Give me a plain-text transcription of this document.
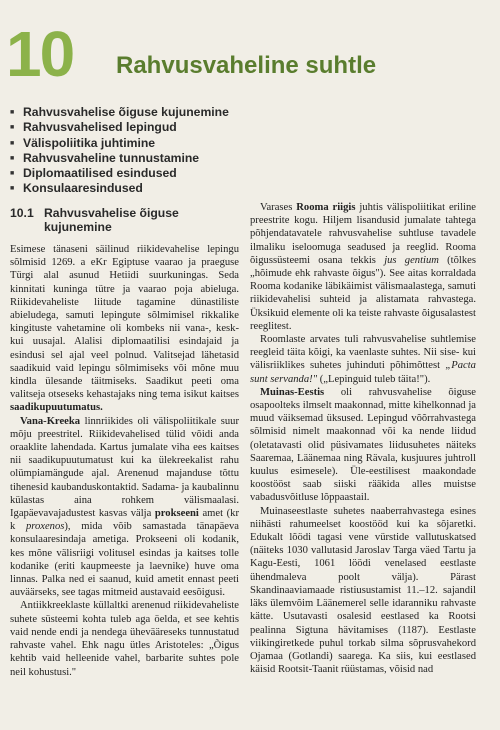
10 Rahvusvaheline suhtle
■ Rahvusvahelise õiguse kujunemine
■ Rahvusvahelised lepingud
■ Välispoliitika juhtimine
■ Rahvusvaheline tunnustamine
■ Diplomaatilised esindused
■ Konsulaaresindused
10.1 Rahvusvahelise õiguse kujunemine

Esimese tänaseni säilinud riikidevahelise lepingu sõlmisid 1269. a eKr Egiptuse vaarao ja praeguse Türgi alal asunud Hetiidi suurkuningas. Seda kinnitati kuninga tütre ja vaarao poja abieluga. Riikidevaheliste liitude tagamine dünastiliste abieludega, samuti lepingute sõlmimisel rikkalike kingituste vahetamine oli kombeks nii vana-, kesk- kui uusajal. Alalisi diplomaatilisi esindajaid ja esindusi sel ajal veel polnud. Valitsejad lähetasid saadikuid vaid lepingu sõlmimiseks või mõne muu kindla ülesande täitmiseks. Saadikut peeti oma valitseja otseseks kehastajaks ning tema isikut kaitses saadikupuutumatus.

Vana-Kreeka linnriikides oli välispoliitikale suur mõju preestritel. Riikidevahelised tülid võidi anda oraaklite lahendada. Kartus jumalate viha ees kaitses nii saadikupuutumatust kui ka ülekreekalist rahu olümpiamängude ajal. Arenenud majanduse tõttu tihenesid kaubanduskontaktid. Sadama- ja kaubalinnu külastas aina rohkem välismaalasi. Igapäevavajadustest kasvas välja prokseeni amet (kr k proxenos), mida võib samastada tänapäeva konsulaaresindaja ametiga. Prokseeni oli kodanik, kes mõne välisriigi volitusel esindas ja kaitses tolle kodanike (eriti kaupmeeste ja laevnike) huve oma linnas. Palka ned ei saanud, kuid ametit ennast peeti auväärseks, see tagas mitmeid austavaid eesõigusi.

Antiikkreeklaste küllaltki arenenud riikidevaheliste suhete süsteemi kohta tuleb aga öelda, et see kehtis vaid nende endi ja nendega ühevääreseks tunnustatud rahvaste vahel. Ehk nagu ütles Aristoteles: „Õigus kehtib vaid helleenide vahel, barbarite suhtes pole neil kohustusi."

Varases Rooma riigis juhtis välispoliitikat eriline preestrite kogu. Hiljem lisandusid jumalate tahtega põhjendatavatele rahvusvahelise suhtluse tavadele ilmaliku iseloomuga seadused ja reeglid. Rooma õigussüsteemi osana tekkis jus gentium (tõlkes „hõimude ehk rahvaste õigus"). See aitas korraldada Rooma kodanike läbikäimist välismaalastega, samuti riikidevahelisi suhteid ja alistamata rahvastega. Üksikuid elemente oli ka teiste rahvaste õigusalastest reeglitest.

Roomlaste arvates tuli rahvusvahelise suhtlemise reegleid täita kõigi, ka vaenlaste suhtes. Nii sise- kui välisriiklikes suhetes juhinduti põhimõttest „Pacta sunt servanda!" („Lepinguid tuleb täita!").

Muinas-Eestis oli rahvusvahelise õiguse osapoolteks ilmselt maakonnad, mitte kihelkonnad ja muud väiksemad üksused. Lepingud võõrrahvastega sõlmisid nimelt maakonnad või ka nende liidud (oletatavasti olid püsivamates liidusuhetes näiteks Saaremaa, Läänemaa ning Rävala, kusjuures juhtroll kuulus esimesele). Üle-eestilisest maakondade koostööst saab siiski rääkida alles muistse vabadusvõitluse lõppaastail.

Muinaseestlaste suhetes naaberrahvastega esines niihästi rahumeelset koostööd kui ka sõjaretki. Edukalt lõödi tagasi vene vürstide vallutuskatsed (näiteks 1030 vallutasid Jaroslav Targa väed Tartu ja Kagu-Eesti, 1061 löödi venelased eestlaste ühendmaleva poolt välja). Pärast Skandinaaviamaade ristiusustamist 11.–12. sajandil läks ülemvõim Läänemerel selle idaranniku rahvaste kätte. Usutavasti osalesid eestlased ka Rootsi pealinna Sigtuna hävitamises (1187). Eestlaste viikingiretkede puhul torkab silma sõprusvahekord Ojamaa (Gotlandi) saarega. Ka siis, kui eestlased käisid Rootsit-Taanit rüüstamas, võisid nad
